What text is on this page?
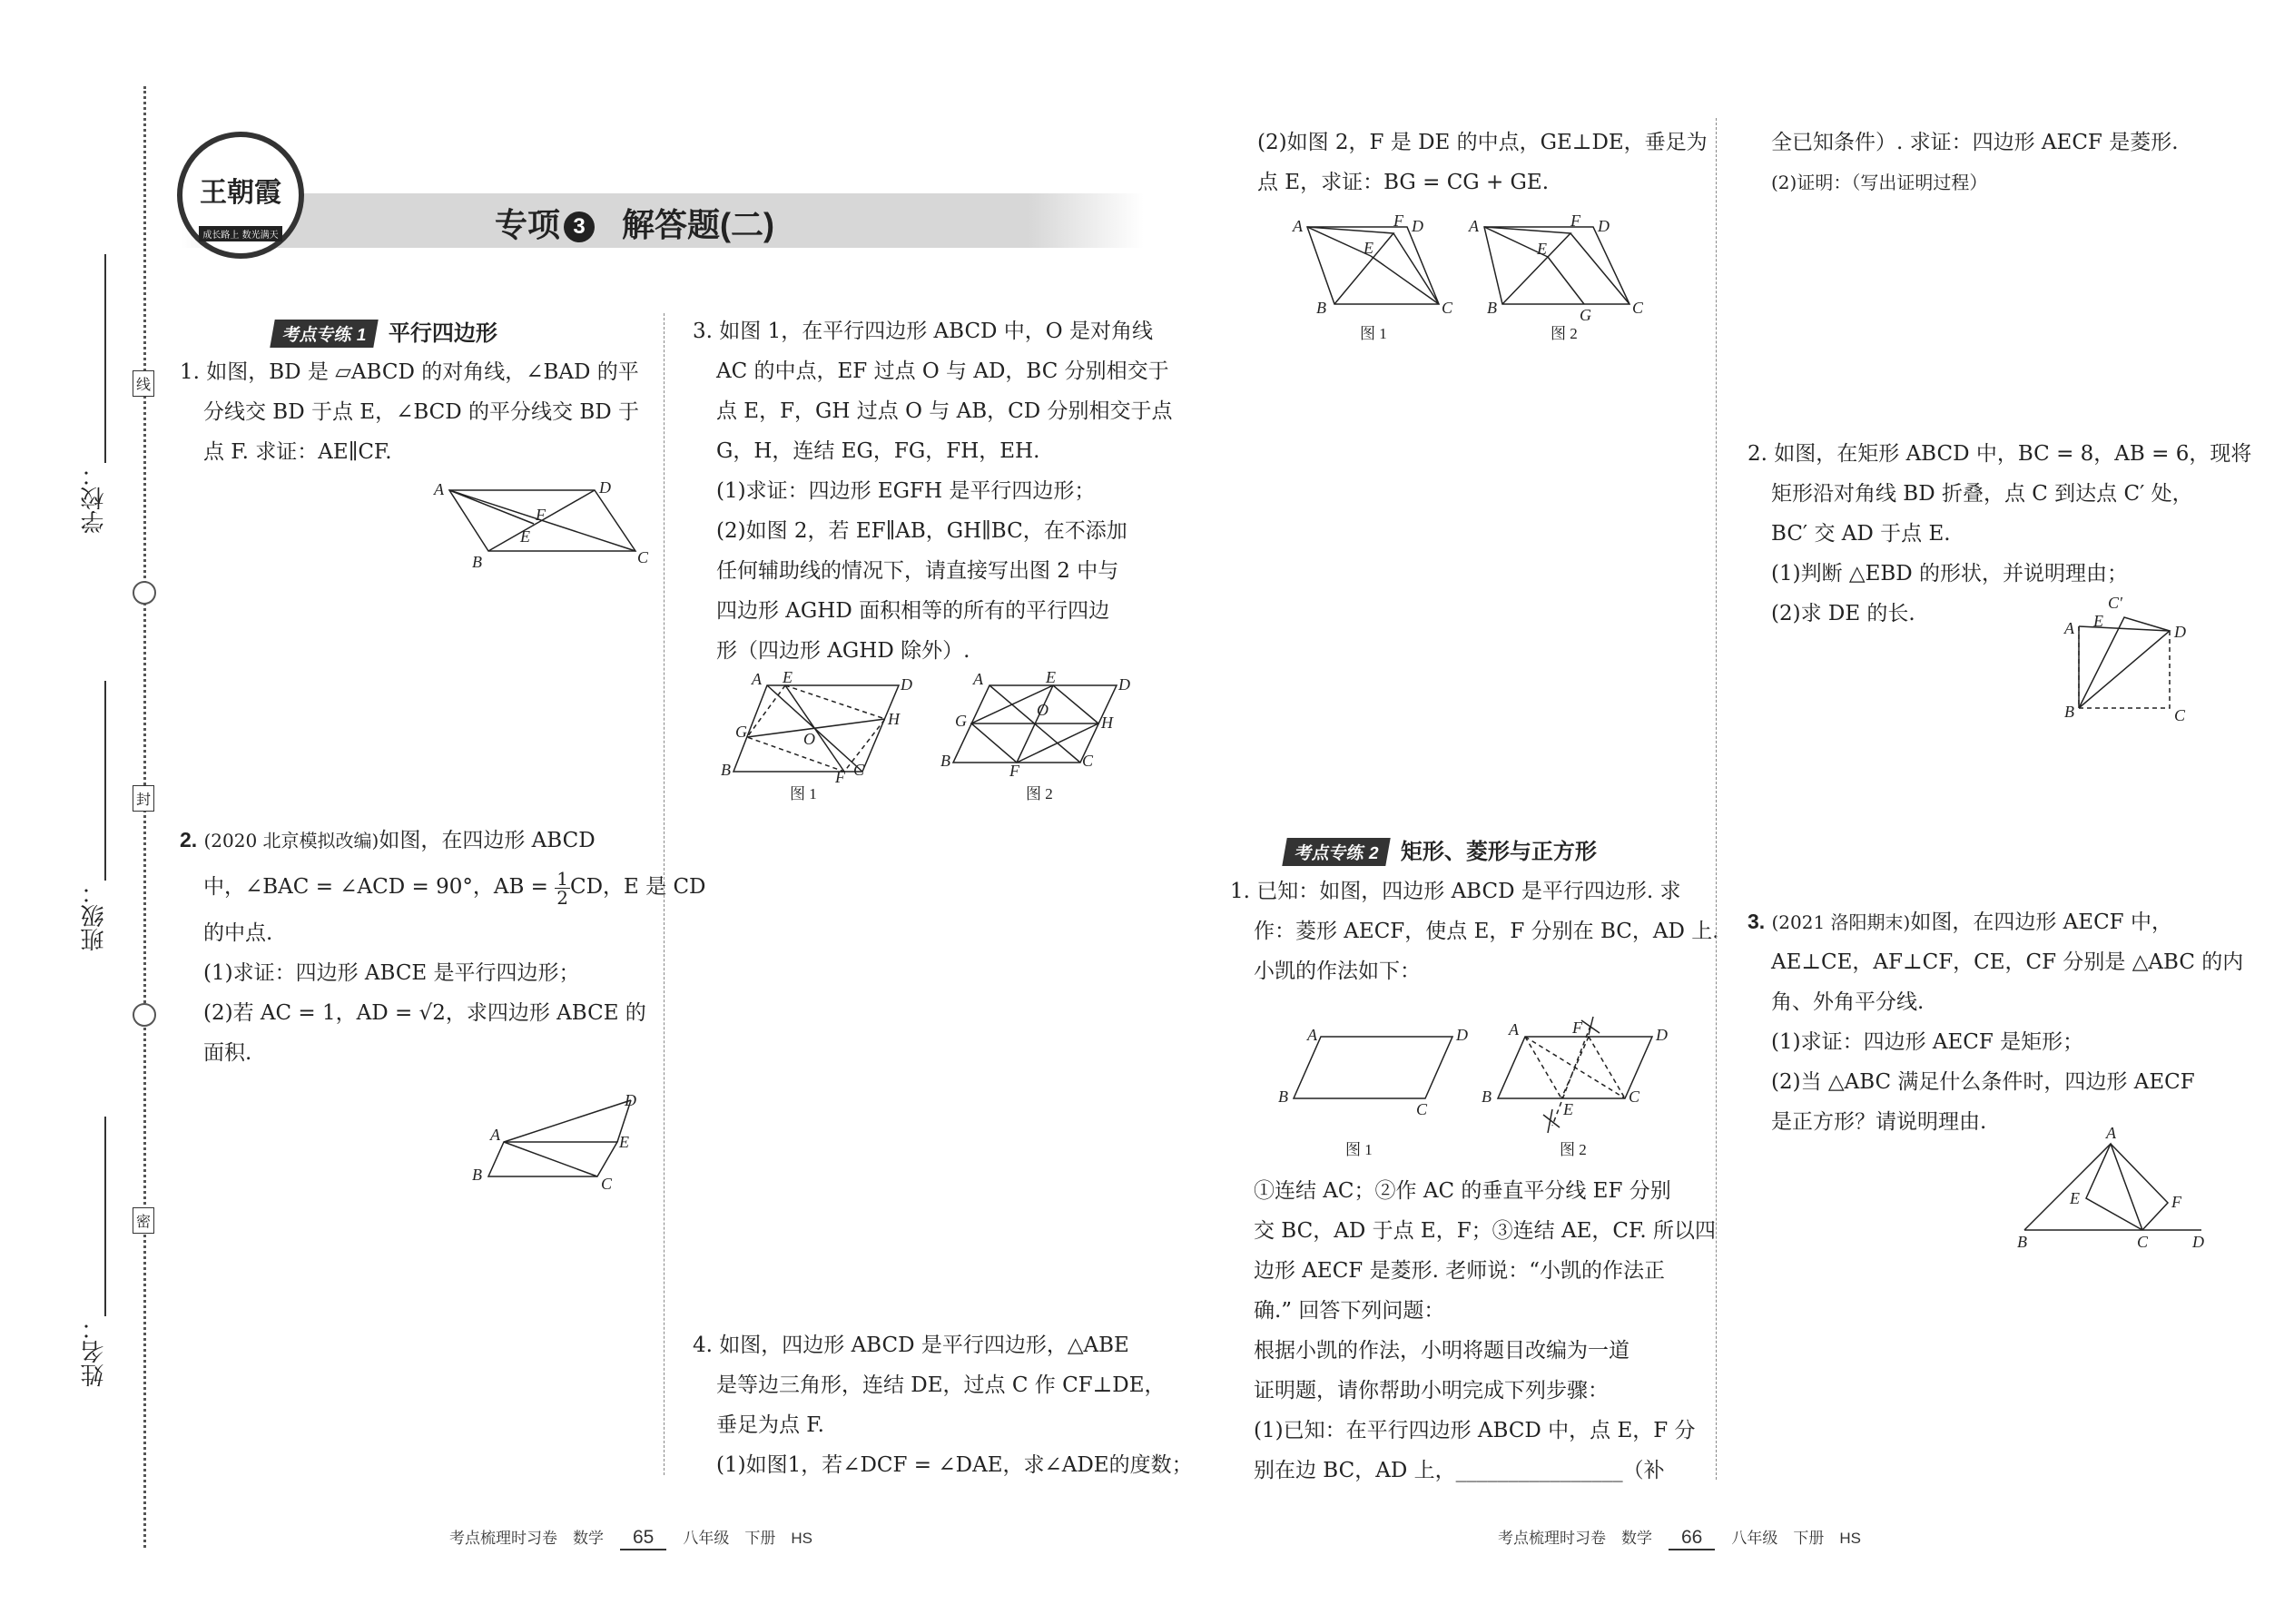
学校：
班级：
姓名：
线
封
密
王朝霞
成长路上 数光满天	专项 3 解答题(二)
考点专练 1 平行四边形
1. 如图，BD 是 ▱ABCD 的对角线，∠BAD 的平
分线交 BD 于点 E，∠BCD 的平分线交 BD 于
点 F. 求证：AE∥CF.
A	D
B	C
F
E
2. (2020 北京模拟改编)如图，在四边形 ABCD
中，∠BAC = ∠ACD = 90°，AB = $\frac{1}{2}$ CD，E 是 CD
的中点.
(1)求证：四边形 ABCE 是平行四边形；
(2)若 AC = 1，AD = √2，求四边形 ABCE 的
面积.
A
D
B	C
E
3. 如图 1，在平行四边形 ABCD 中，O 是对角线
AC 的中点，EF 过点 O 与 AD，BC 分别相交于
点 E，F，GH 过点 O 与 AB，CD 分别相交于点
G，H，连结 EG，FG，FH，EH.
(1)求证：四边形 EGFH 是平行四边形；
(2)如图 2，若 EF∥AB，GH∥BC，在不添加
任何辅助线的情况下，请直接写出图 2 中与
四边形 AGHD 面积相等的所有的平行四边
形（四边形 AGHD 除外）.
A E	D
G
H
O
B	F C
图 1
A	E	D
G	H
O
B
F
C
图 2
4. 如图，四边形 ABCD 是平行四边形，△ABE
是等边三角形，连结 DE，过点 C 作 CF⊥DE，
垂足为点 F.
(1)如图1，若∠DCF = ∠DAE，求∠ADE的度数；
考点梳理时习卷　数学 65 八年级　下册　HS
(2)如图 2，F 是 DE 的中点，GE⊥DE，垂足为
点 E，求证：BG = CG + GE.
A	F D
E
B	C
图 1
A	F D
E
B	G	C
图 2
考点专练 2 矩形、菱形与正方形
1. 已知：如图，四边形 ABCD 是平行四边形. 求
作：菱形 AECF，使点 E，F 分别在 BC，AD 上.
小凯的作法如下：
A	D
B
C
图 1
A	F	D
B
E
C
图 2
①连结 AC；②作 AC 的垂直平分线 EF 分别
交 BC，AD 于点 E，F；③连结 AE，CF. 所以四
边形 AECF 是菱形. 老师说：“小凯的作法正
确.” 回答下列问题：
根据小凯的作法，小明将题目改编为一道
证明题，请你帮助小明完成下列步骤：
(1)已知：在平行四边形 ABCD 中，点 E，F 分
别在边 BC，AD 上，________________（补
全已知条件）. 求证：四边形 AECF 是菱形.
(2)证明：（写出证明过程）
2. 如图，在矩形 ABCD 中，BC = 8，AB = 6，现将
矩形沿对角线 BD 折叠，点 C 到达点 C′ 处，
BC′ 交 AD 于点 E.
(1)判断 △EBD 的形状，并说明理由；
(2)求 DE 的长.	C′
A E
D
B	C
3. (2021 洛阳期末)如图，在四边形 AECF 中，
AE⊥CE，AF⊥CF，CE，CF 分别是 △ABC 的内
角、外角平分线.
(1)求证：四边形 AECF 是矩形；
(2)当 △ABC 满足什么条件时，四边形 AECF
是正方形？请说明理由.	A
E	F
B	C	D
考点梳理时习卷　数学 66 八年级　下册　HS
